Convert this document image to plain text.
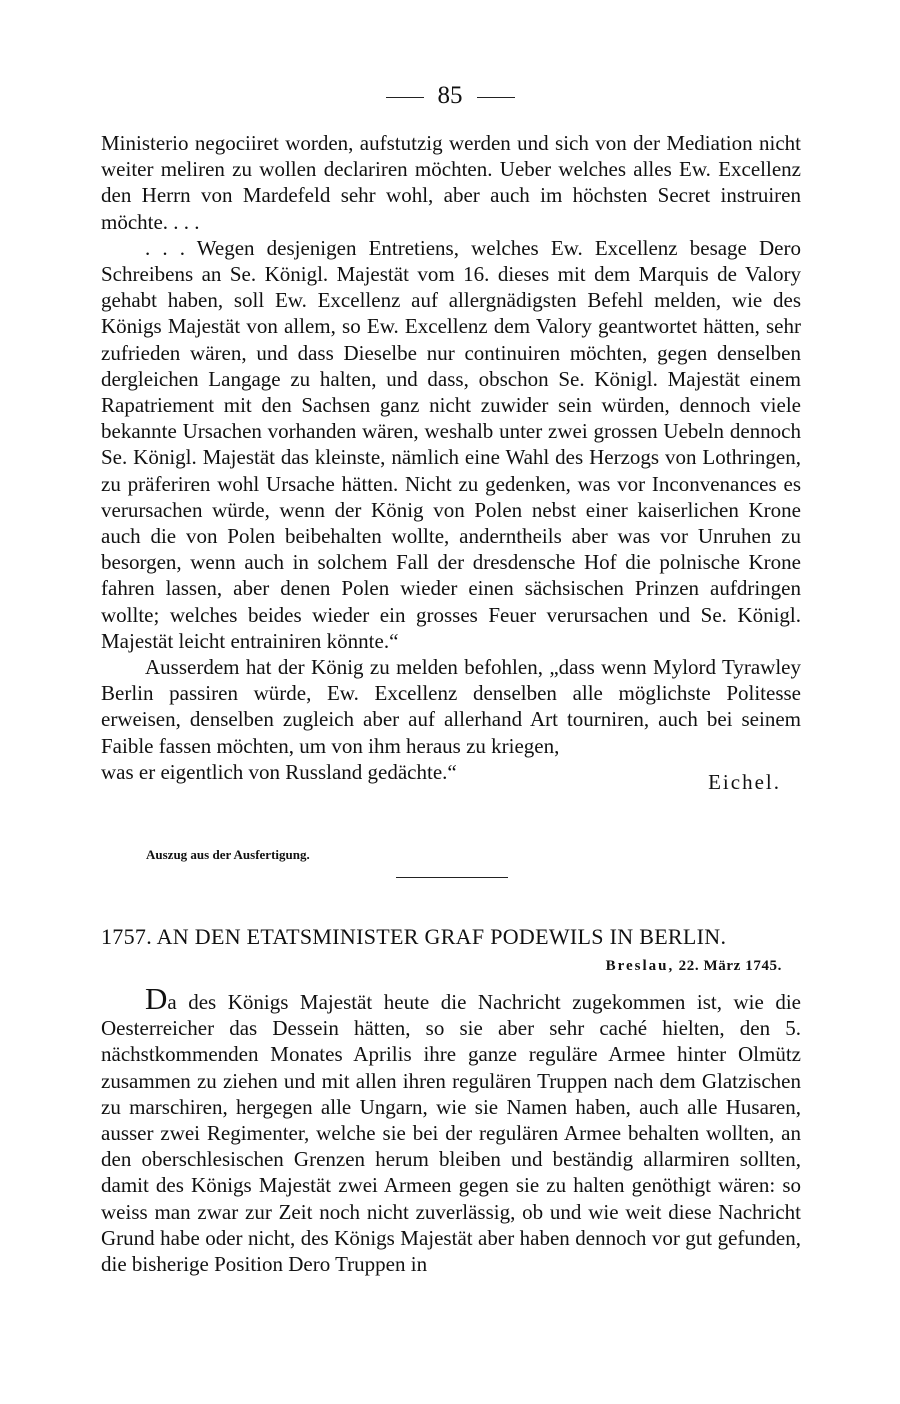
85

Ministerio negociiret worden, aufstutzig werden und sich von der Mediation nicht weiter meliren zu wollen declariren möchten. Ueber welches alles Ew. Excellenz den Herrn von Mardefeld sehr wohl, aber auch im höchsten Secret instruiren möchte. . . .

. . . Wegen desjenigen Entretiens, welches Ew. Excellenz besage Dero Schreibens an Se. Königl. Majestät vom 16. dieses mit dem Marquis de Valory gehabt haben, soll Ew. Excellenz auf allergnädigsten Befehl melden, wie des Königs Majestät von allem, so Ew. Excellenz dem Valory geantwortet hätten, sehr zufrieden wären, und dass Dieselbe nur continuiren möchten, gegen denselben dergleichen Langage zu halten, und dass, obschon Se. Königl. Majestät einem Rapatriement mit den Sachsen ganz nicht zuwider sein würden, dennoch viele bekannte Ursachen vorhanden wären, weshalb unter zwei grossen Uebeln dennoch Se. Königl. Majestät das kleinste, nämlich eine Wahl des Herzogs von Lothringen, zu präferiren wohl Ursache hätten. Nicht zu gedenken, was vor Inconvenances es verursachen würde, wenn der König von Polen nebst einer kaiserlichen Krone auch die von Polen beibehalten wollte, anderntheils aber was vor Unruhen zu besorgen, wenn auch in solchem Fall der dresdensche Hof die polnische Krone fahren lassen, aber denen Polen wieder einen sächsischen Prinzen aufdringen wollte; welches beides wieder ein grosses Feuer verursachen und Se. Königl. Majestät leicht entrainiren könnte.“

Ausserdem hat der König zu melden befohlen, „dass wenn Mylord Tyrawley Berlin passiren würde, Ew. Excellenz denselben alle möglichste Politesse erweisen, denselben zugleich aber auf allerhand Art tourniren, auch bei seinem Faible fassen möchten, um von ihm heraus zu kriegen,

was er eigentlich von Russland gedächte.“	Eichel.
Auszug aus der Ausfertigung.
1757. AN DEN ETATSMINISTER GRAF PODEWILS IN BERLIN.
Breslau, 22. März 1745.

Da des Königs Majestät heute die Nachricht zugekommen ist, wie die Oesterreicher das Dessein hätten, so sie aber sehr caché hielten, den 5. nächstkommenden Monates Aprilis ihre ganze reguläre Armee hinter Olmütz zusammen zu ziehen und mit allen ihren regulären Truppen nach dem Glatzischen zu marschiren, hergegen alle Ungarn, wie sie Namen haben, auch alle Husaren, ausser zwei Regimenter, welche sie bei der regulären Armee behalten wollten, an den oberschlesischen Grenzen herum bleiben und beständig allarmiren sollten, damit des Königs Majestät zwei Armeen gegen sie zu halten genöthigt wären: so weiss man zwar zur Zeit noch nicht zuverlässig, ob und wie weit diese Nachricht Grund habe oder nicht, des Königs Majestät aber haben dennoch vor gut gefunden, die bisherige Position Dero Truppen in
